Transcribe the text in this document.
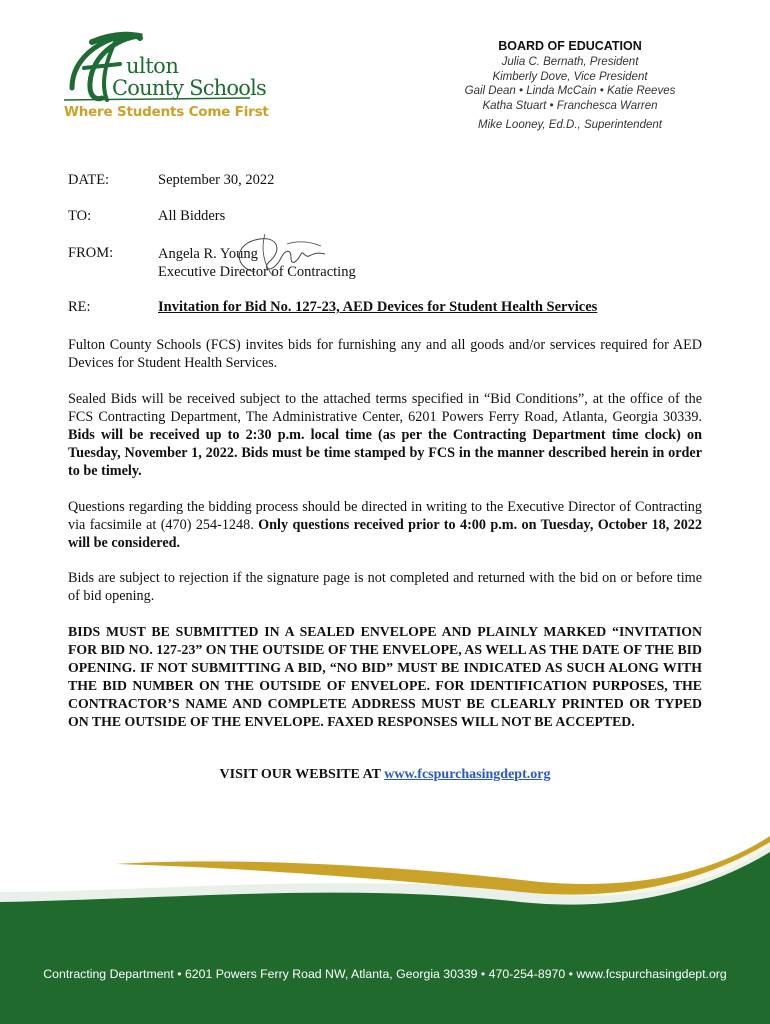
ulton
County Schools
Where Students Come First
BOARD OF EDUCATION
Julia C. Bernath, President
Kimberly Dove, Vice President
Gail Dean • Linda McCain • Katie Reeves
Katha Stuart • Franchesca Warren
Mike Looney, Ed.D., Superintendent
DATE:	September 30, 2022
TO:	All Bidders
FROM:	Angela R. Young
Executive Director of Contracting
RE:	Invitation for Bid No. 127-23, AED Devices for Student Health Services

Fulton County Schools (FCS) invites bids for furnishing any and all goods and/or services required for AED Devices for Student Health Services.

Sealed Bids will be received subject to the attached terms specified in “Bid Conditions”, at the office of the FCS Contracting Department, The Administrative Center, 6201 Powers Ferry Road, Atlanta, Georgia 30339. Bids will be received up to 2:30 p.m. local time (as per the Contracting Department time clock) on Tuesday, November 1, 2022. Bids must be time stamped by FCS in the manner described herein in order to be timely.

Questions regarding the bidding process should be directed in writing to the Executive Director of Contracting via facsimile at (470) 254-1248. Only questions received prior to 4:00 p.m. on Tuesday, October 18, 2022 will be considered.

Bids are subject to rejection if the signature page is not completed and returned with the bid on or before time of bid opening.

BIDS MUST BE SUBMITTED IN A SEALED ENVELOPE AND PLAINLY MARKED “INVITATION FOR BID NO. 127-23” ON THE OUTSIDE OF THE ENVELOPE, AS WELL AS THE DATE OF THE BID OPENING. IF NOT SUBMITTING A BID, “NO BID” MUST BE INDICATED AS SUCH ALONG WITH THE BID NUMBER ON THE OUTSIDE OF ENVELOPE. FOR IDENTIFICATION PURPOSES, THE CONTRACTOR’S NAME AND COMPLETE ADDRESS MUST BE CLEARLY PRINTED OR TYPED ON THE OUTSIDE OF THE ENVELOPE. FAXED RESPONSES WILL NOT BE ACCEPTED.

VISIT OUR WEBSITE AT www.fcspurchasingdept.org
Contracting Department • 6201 Powers Ferry Road NW, Atlanta, Georgia 30339 • 470-254-8970 • www.fcspurchasingdept.org
